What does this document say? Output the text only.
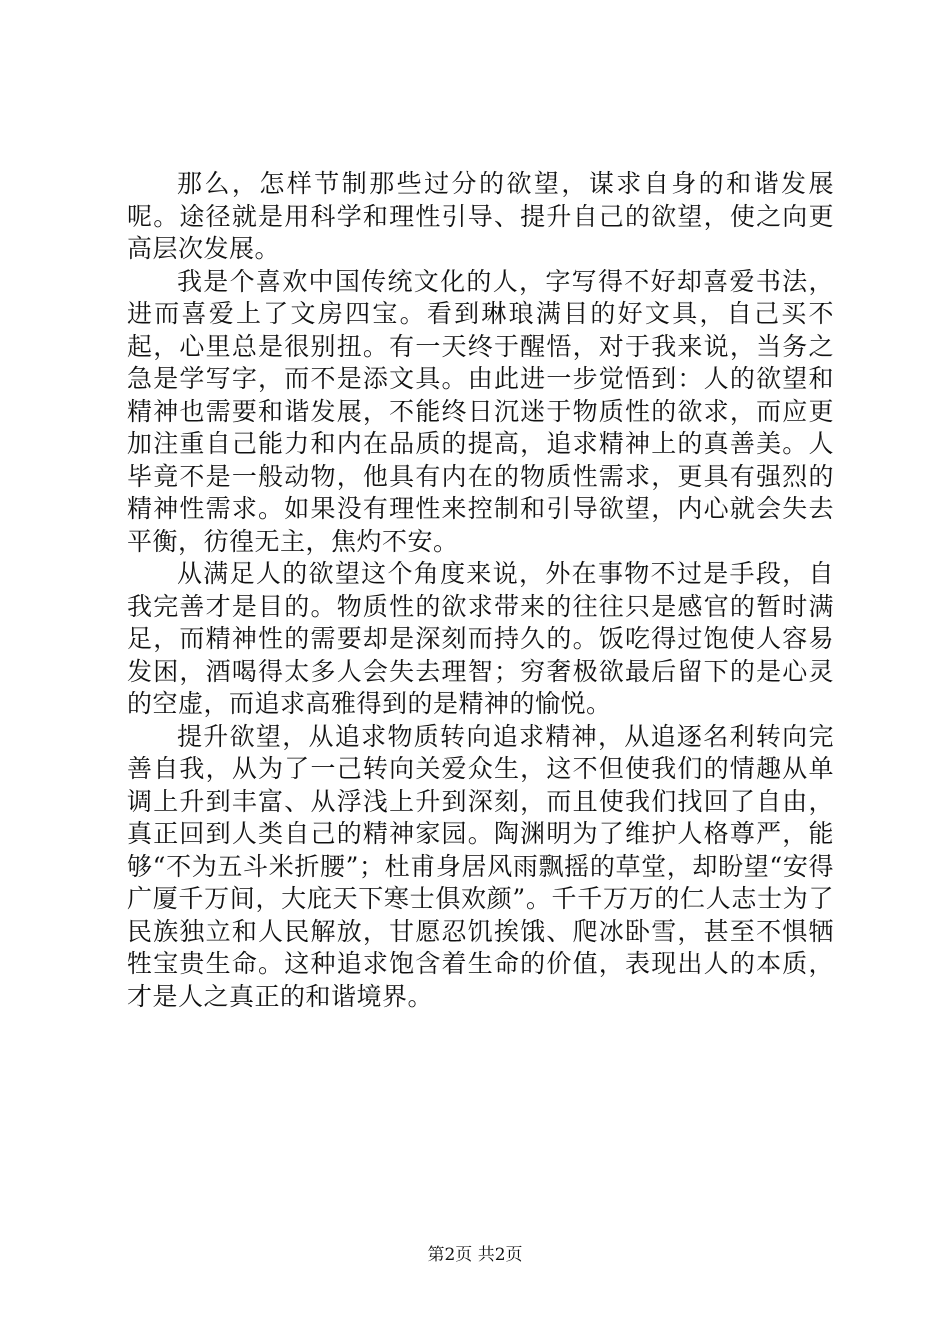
那么，怎样节制那些过分的欲望，谋求自身的和谐发展呢。途径就是用科学和理性引导、提升自己的欲望，使之向更高层次发展。

我是个喜欢中国传统文化的人，字写得不好却喜爱书法，进而喜爱上了文房四宝。看到琳琅满目的好文具，自己买不起，心里总是很别扭。有一天终于醒悟，对于我来说，当务之急是学写字，而不是添文具。由此进一步觉悟到：人的欲望和精神也需要和谐发展，不能终日沉迷于物质性的欲求，而应更加注重自己能力和内在品质的提高，追求精神上的真善美。人毕竟不是一般动物，他具有内在的物质性需求，更具有强烈的精神性需求。如果没有理性来控制和引导欲望，内心就会失去平衡，彷徨无主，焦灼不安。

从满足人的欲望这个角度来说，外在事物不过是手段，自我完善才是目的。物质性的欲求带来的往往只是感官的暂时满足，而精神性的需要却是深刻而持久的。饭吃得过饱使人容易发困，酒喝得太多人会失去理智；穷奢极欲最后留下的是心灵的空虚，而追求高雅得到的是精神的愉悦。

提升欲望，从追求物质转向追求精神，从追逐名利转向完善自我，从为了一己转向关爱众生，这不但使我们的情趣从单调上升到丰富、从浮浅上升到深刻，而且使我们找回了自由，真正回到人类自己的精神家园。陶渊明为了维护人格尊严，能够“不为五斗米折腰”；杜甫身居风雨飘摇的草堂，却盼望“安得广厦千万间，大庇天下寒士俱欢颜”。千千万万的仁人志士为了民族独立和人民解放，甘愿忍饥挨饿、爬冰卧雪，甚至不惧牺牲宝贵生命。这种追求饱含着生命的价值，表现出人的本质，才是人之真正的和谐境界。

第2页 共2页
